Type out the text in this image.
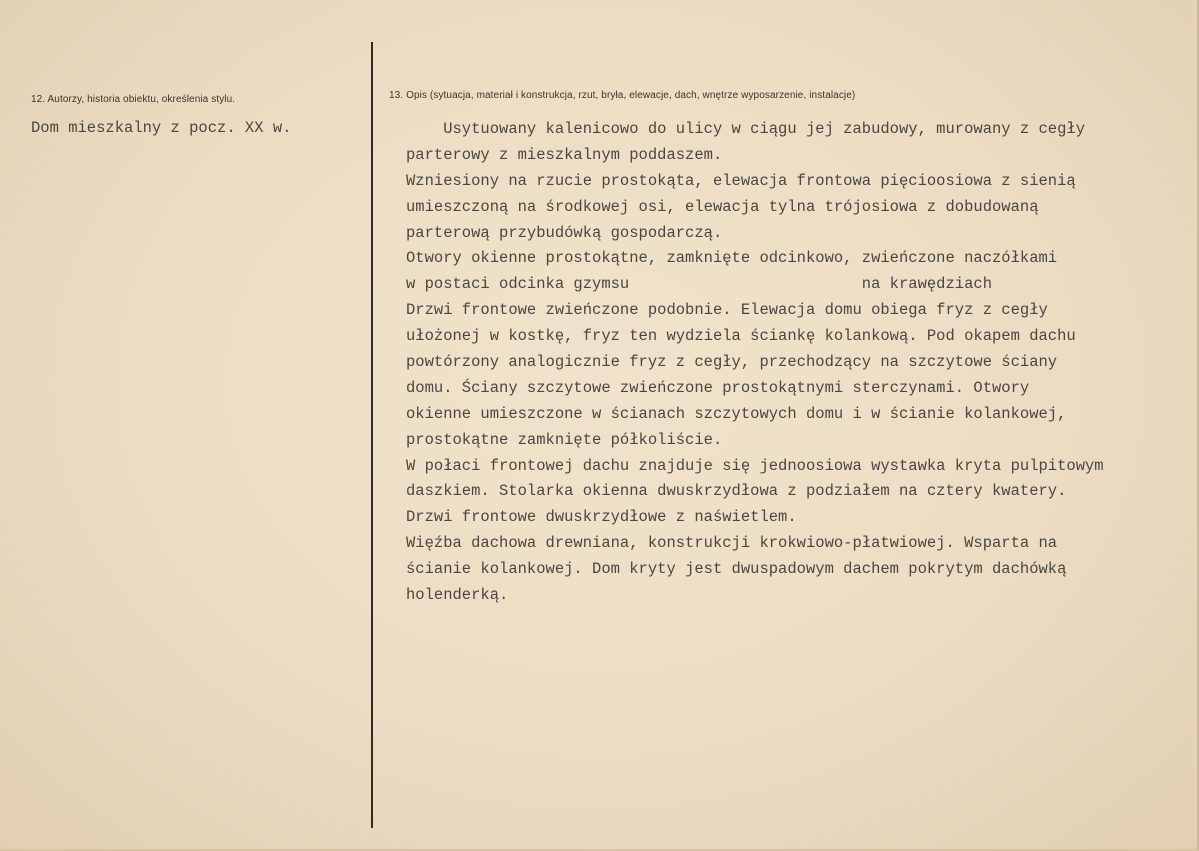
12. Autorzy, historia obiektu, określenia stylu.
Dom mieszkalny z pocz. XX w.
13. Opis (sytuacja, materiał i konstrukcja, rzut, bryła, elewacje, dach, wnętrze wyposarzenie, instalacje)
Usytuowany kalenicowo do ulicy w ciągu jej zabudowy, murowany z cegły
parterowy z mieszkalnym poddaszem.
Wzniesiony na rzucie prostokąta, elewacja frontowa pięcioosiowa z sienią
umieszczoną na środkowej osi, elewacja tylna trójosiowa z dobudowaną
parterową przybudówką gospodarczą.
Otwory okienne prostokątne, zamknięte odcinkowo, zwieńczone naczółkami
w postaci odcinka gzymsu                         na krawędziach
Drzwi frontowe zwieńczone podobnie. Elewacja domu obiega fryz z cegły
ułożonej w kostkę, fryz ten wydziela ściankę kolankową. Pod okapem dachu
powtórzony analogicznie fryz z cegły, przechodzący na szczytowe ściany
domu. Ściany szczytowe zwieńczone prostokątnymi sterczynami. Otwory
okienne umieszczone w ścianach szczytowych domu i w ścianie kolankowej,
prostokątne zamknięte półkoliście.
W połaci frontowej dachu znajduje się jednoosiowa wystawka kryta pulpitowym
daszkiem. Stolarka okienna dwuskrzydłowa z podziałem na cztery kwatery.
Drzwi frontowe dwuskrzydłowe z naświetlem.
Więźba dachowa drewniana, konstrukcji krokwiowo-płatwiowej. Wsparta na
ścianie kolankowej. Dom kryty jest dwuspadowym dachem pokrytym dachówką
holenderką.
